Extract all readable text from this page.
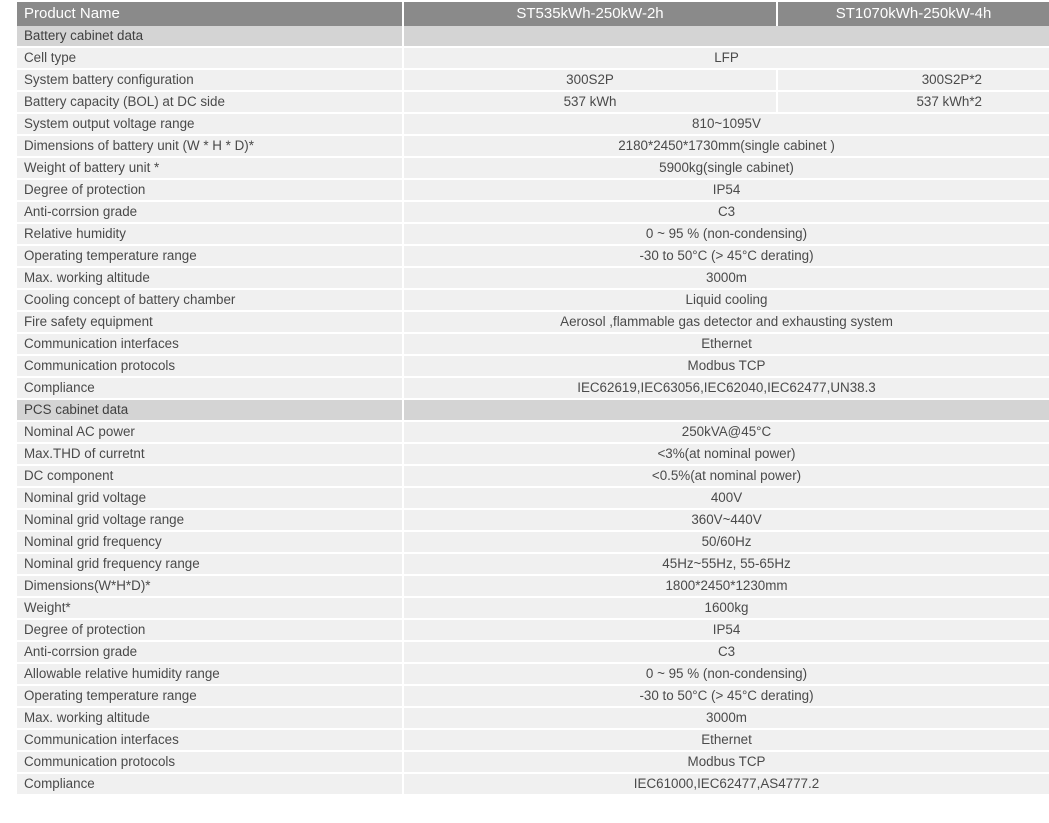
Product Name	ST535kWh-250kW-2h	ST1070kWh-250kW-4h
Battery cabinet data		
Cell type	LFP	
System battery configuration	300S2P	300S2P*2
Battery capacity (BOL) at DC side	537 kWh	537 kWh*2
System output voltage range	810~1095V	
Dimensions of battery unit (W * H * D)*	2180*2450*1730mm(single cabinet )	
Weight of battery unit *	5900kg(single cabinet)	
Degree of protection	IP54	
Anti-corrsion grade	C3	
Relative humidity	0 ~ 95 % (non-condensing)	
Operating temperature range	-30 to 50°C (> 45°C derating)	
Max. working altitude	3000m	
Cooling concept of battery chamber	Liquid cooling	
Fire safety equipment	Aerosol ,flammable gas detector and exhausting system	
Communication interfaces	Ethernet	
Communication protocols	Modbus TCP	
Compliance	IEC62619,IEC63056,IEC62040,IEC62477,UN38.3	
PCS cabinet data		
Nominal AC power	250kVA@45°C	
Max.THD of curretnt	<3%(at nominal power)	
DC component	<0.5%(at nominal power)	
Nominal grid voltage	400V	
Nominal grid voltage range	360V~440V	
Nominal grid frequency	50/60Hz	
Nominal grid frequency range	45Hz~55Hz, 55-65Hz	
Dimensions(W*H*D)*	1800*2450*1230mm	
Weight*	1600kg	
Degree of protection	IP54	
Anti-corrsion grade	C3	
Allowable relative humidity range	0 ~ 95 % (non-condensing)	
Operating temperature range	-30 to 50°C (> 45°C derating)	
Max. working altitude	3000m	
Communication interfaces	Ethernet	
Communication protocols	Modbus TCP	
Compliance	IEC61000,IEC62477,AS4777.2	
